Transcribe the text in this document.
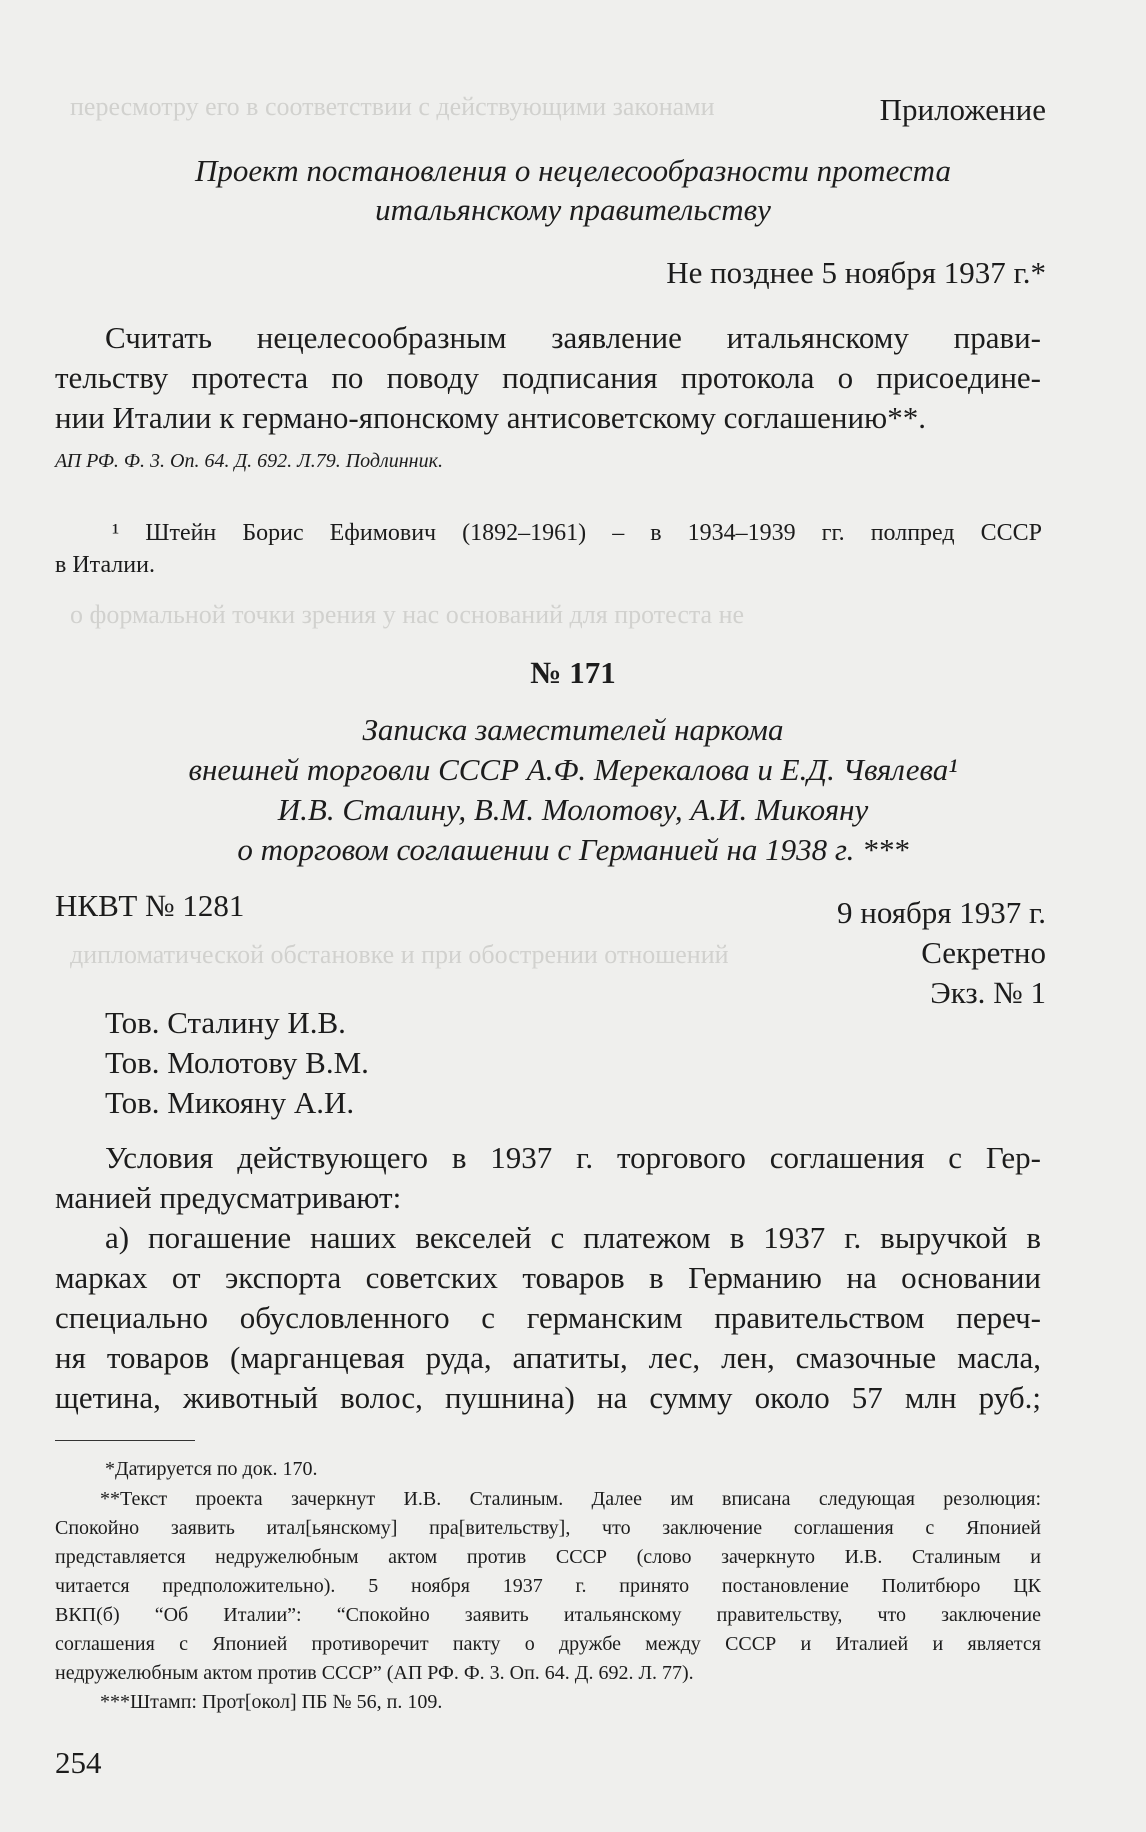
пересмотру его в соответствии с действующими законами
о формальной точки зрения у нас оснований для протеста не
дипломатической обстановке и при обострении отношений
Приложение
Проект постановления о нецелесообразности протеста
итальянскому правительству
Не позднее 5 ноября 1937 г.*
Считать нецелесообразным заявление итальянскому прави-
тельству протеста по поводу подписания протокола о присоедине-
нии Италии к германо-японскому антисоветскому соглашению**.
АП РФ. Ф. 3. Оп. 64. Д. 692. Л.79. Подлинник.
¹ Штейн Борис Ефимович (1892–1961) – в 1934–1939 гг. полпред СССР
в Италии.
№ 171
Записка заместителей наркома
внешней торговли СССР А.Ф. Мерекалова и Е.Д. Чвялева¹
И.В. Сталину, В.М. Молотову, А.И. Микояну
о торговом соглашении с Германией на 1938 г. ***
НКВТ № 1281	9 ноября 1937 г.
Секретно
Экз. № 1
Тов. Сталину И.В.
Тов. Молотову В.М.
Тов. Микояну А.И.
Условия действующего в 1937 г. торгового соглашения с Гер-
манией предусматривают:
а) погашение наших векселей с платежом в 1937 г. выручкой в
марках от экспорта советских товаров в Германию на основании
специально обусловленного с германским правительством переч-
ня товаров (марганцевая руда, апатиты, лес, лен, смазочные масла,
щетина, животный волос, пушнина) на сумму около 57 млн руб.;
*Датируется по док. 170.
**Текст проекта зачеркнут И.В. Сталиным. Далее им вписана следующая резолюция:
Спокойно заявить итал[ьянскому] пра[вительству], что заключение соглашения с Японией
представляется недружелюбным актом против СССР (слово зачеркнуто И.В. Сталиным и
читается предположительно). 5 ноября 1937 г. принято постановление Политбюро ЦК
ВКП(б) “Об Италии”: “Спокойно заявить итальянскому правительству, что заключение
соглашения с Японией противоречит пакту о дружбе между СССР и Италией и является
недружелюбным актом против СССР” (АП РФ. Ф. 3. Оп. 64. Д. 692. Л. 77).
***Штамп: Прот[окол] ПБ № 56, п. 109.
254
